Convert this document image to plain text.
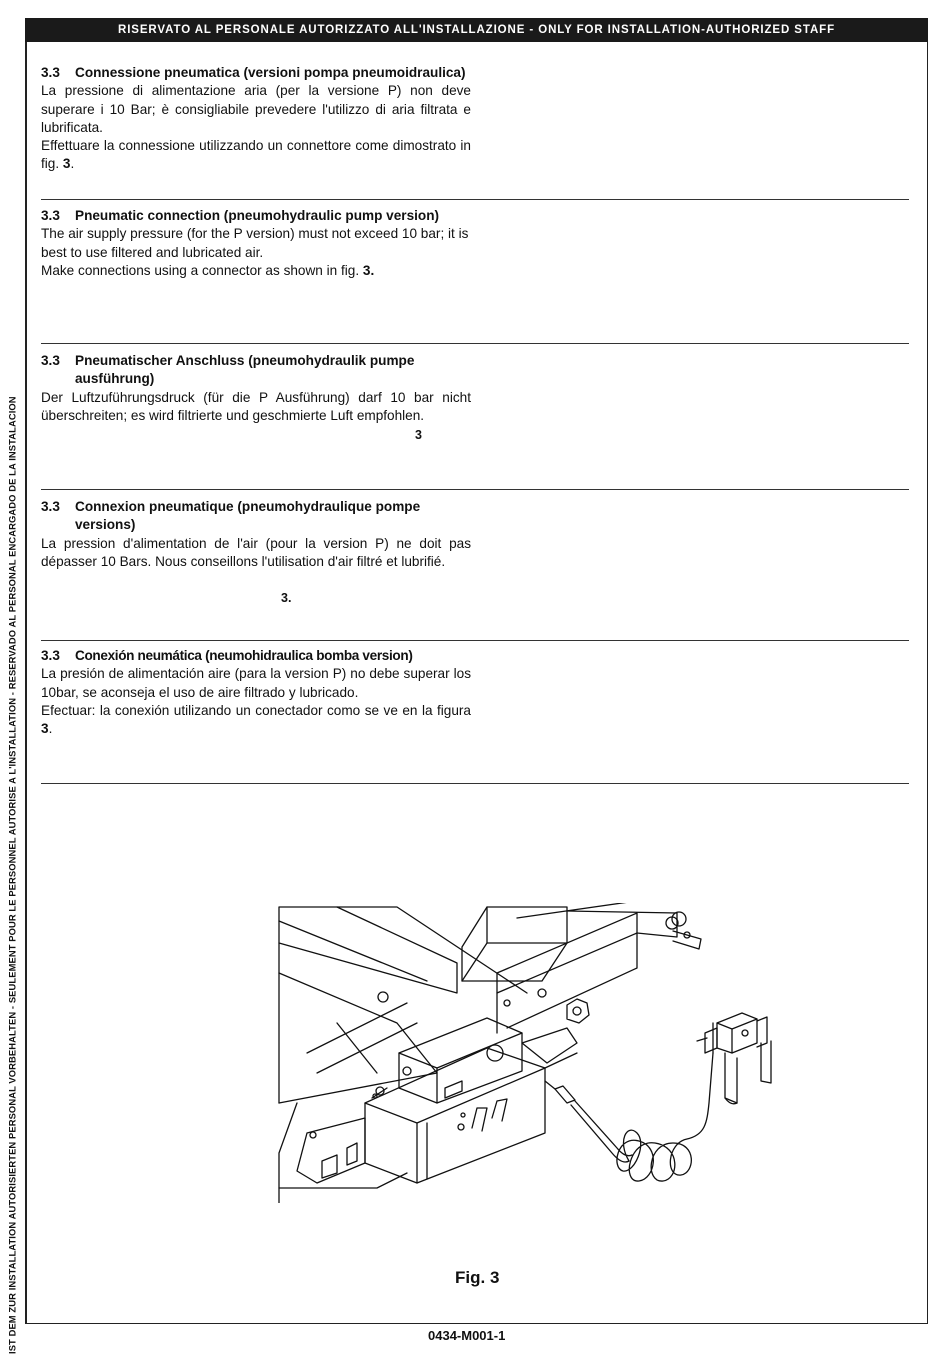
RISERVATO AL PERSONALE AUTORIZZATO ALL'INSTALLAZIONE - ONLY FOR INSTALLATION-AUTHORIZED STAFF
IST DEM ZUR INSTALLATION AUTORISIERTEN PERSONAL VORBEHALTEN - SEULEMENT POUR LE PERSONNEL AUTORISE A L'INSTALLATION - RESERVADO AL PERSONAL ENCARGADO DE LA INSTALACION
3.3	Connessione pneumatica (versioni pompa pneumoidraulica)

La pressione di alimentazione aria (per la versione P) non deve superare i 10 Bar; è consigliabile prevedere l'utilizzo di aria filtrata e lubrificata.

Effettuare la connessione utilizzando un connettore come dimostrato in fig. 3.

3.3	Pneumatic connection (pneumohydraulic pump version)

The air supply pressure (for the P version) must not exceed 10 bar; it is best to use filtered and lubricated air.

Make connections using a connector as shown in fig. 3.

3.3	Pneumatischer Anschluss (pneumohydraulik pumpe ausführung)

Der Luftzuführungsdruck (für die P Ausführung) darf 10 bar nicht überschreiten; es wird filtrierte und geschmierte Luft empfohlen.

3
3.3	Connexion pneumatique (pneumohydraulique pompe versions)

La pression d'alimentation de l'air (pour la version P) ne doit pas dépasser 10 Bars. Nous conseillons l'utilisation d'air filtré et lubrifié.

3.
3.3	Conexión neumática (neumohidraulica bomba version)

La presión de alimentación aire (para la version P) no debe superar los 10bar, se aconseja el uso de aire filtrado y lubricado.

Efectuar: la conexión utilizando un conectador como se ve en la figura 3.

Fig. 3
0434-M001-1
